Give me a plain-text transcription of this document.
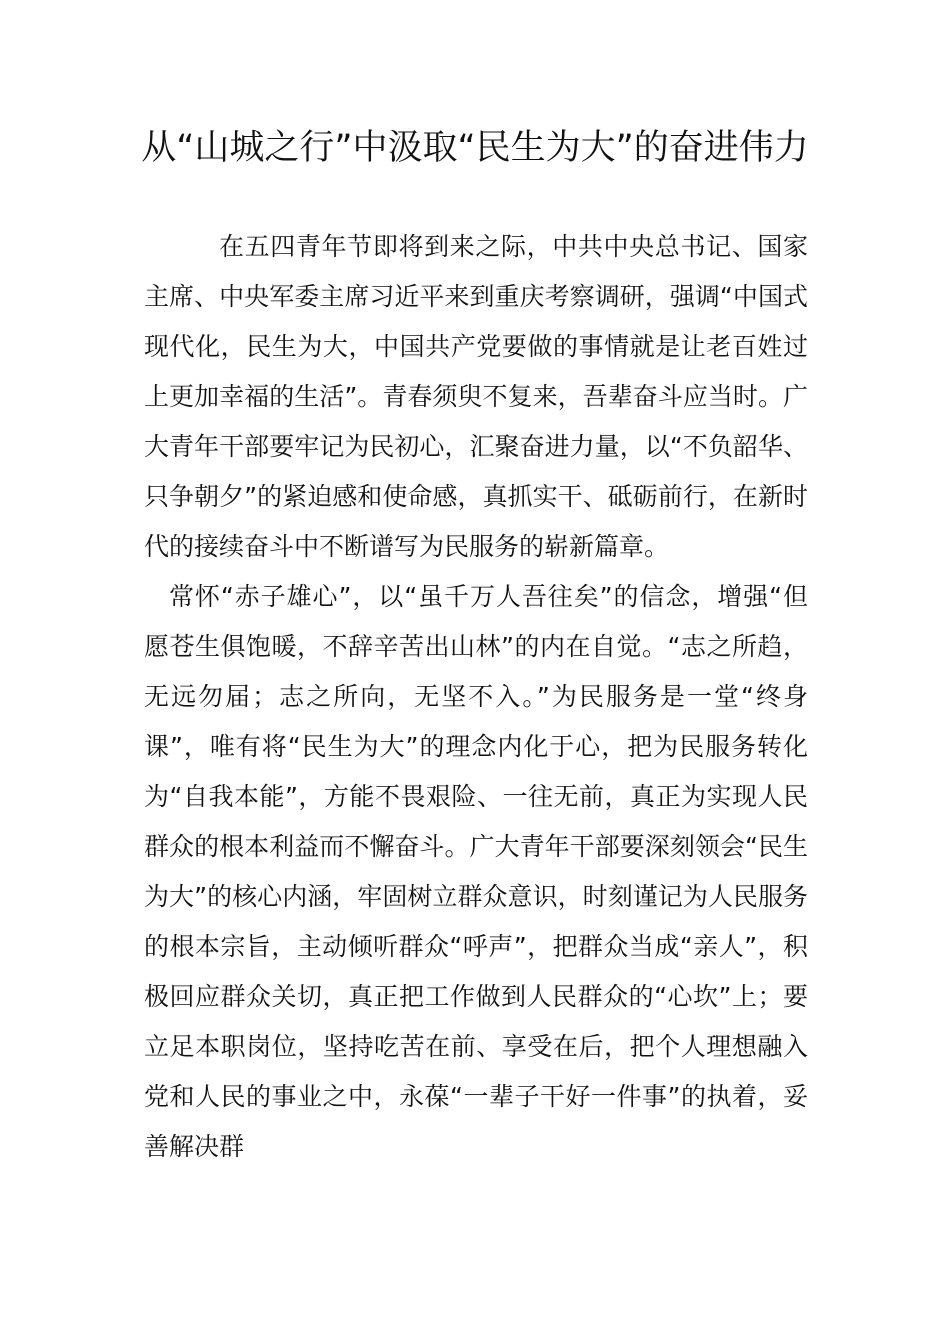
从“山城之行”中汲取“民生为大”的奋进伟力

在五四青年节即将到来之际，中共中央总书记、国家主席、中央军委主席习近平来到重庆考察调研，强调“中国式现代化，民生为大，中国共产党要做的事情就是让老百姓过上更加幸福的生活”。青春须臾不复来，吾辈奋斗应当时。广大青年干部要牢记为民初心，汇聚奋进力量，以“不负韶华、只争朝夕”的紧迫感和使命感，真抓实干、砥砺前行，在新时代的接续奋斗中不断谱写为民服务的崭新篇章。

常怀“赤子雄心”，以“虽千万人吾往矣”的信念，增强“但愿苍生俱饱暖，不辞辛苦出山林”的内在自觉。“志之所趋，无远勿届；志之所向，无坚不入。”为民服务是一堂“终身课”，唯有将“民生为大”的理念内化于心，把为民服务转化为“自我本能”，方能不畏艰险、一往无前，真正为实现人民群众的根本利益而不懈奋斗。广大青年干部要深刻领会“民生为大”的核心内涵，牢固树立群众意识，时刻谨记为人民服务的根本宗旨，主动倾听群众“呼声”，把群众当成“亲人”，积极回应群众关切，真正把工作做到人民群众的“心坎”上；要立足本职岗位，坚持吃苦在前、享受在后，把个人理想融入党和人民的事业之中，永葆“一辈子干好一件事”的执着，妥善解决群
